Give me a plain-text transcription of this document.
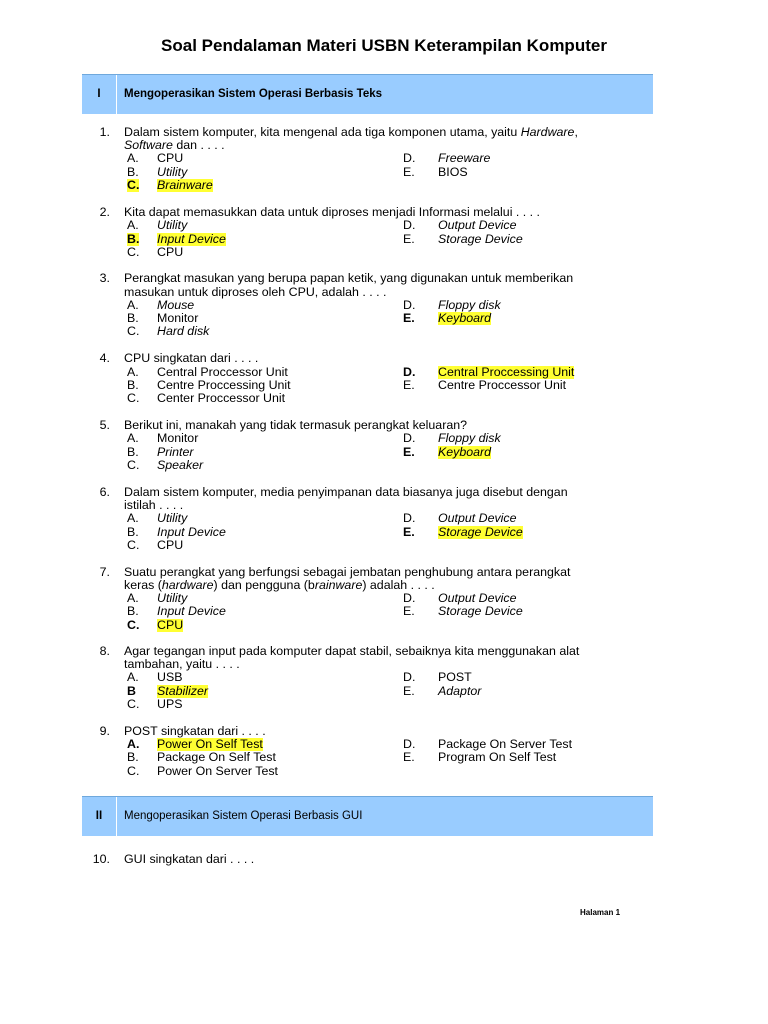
Soal Pendalaman Materi USBN Keterampilan Komputer
I	Mengoperasikan Sistem Operasi Berbasis Teks
1. Dalam sistem komputer, kita mengenal ada tiga komponen utama, yaitu Hardware,
Software dan . . . .
A. CPU	D. Freeware
B. Utility	E. BIOS
C. Brainware
2. Kita dapat memasukkan data untuk diproses menjadi Informasi melalui . . . .
A. Utility	D. Output Device
B. Input Device	E. Storage Device
C. CPU
3. Perangkat masukan yang berupa papan ketik, yang digunakan untuk memberikan
masukan untuk diproses oleh CPU, adalah . . . .
A. Mouse	D. Floppy disk
B. Monitor	E. Keyboard
C. Hard disk
4. CPU singkatan dari . . . .
A. Central Proccessor Unit	D. Central Proccessing Unit
B. Centre Proccessing Unit	E. Centre Proccessor Unit
C. Center Proccessor Unit
5. Berikut ini, manakah yang tidak termasuk perangkat keluaran?
A. Monitor	D. Floppy disk
B. Printer	E. Keyboard
C. Speaker
6. Dalam sistem komputer, media penyimpanan data biasanya juga disebut dengan
istilah . . . .
A. Utility	D. Output Device
B. Input Device	E. Storage Device
C. CPU
7. Suatu perangkat yang berfungsi sebagai jembatan penghubung antara perangkat
keras (hardware) dan pengguna (brainware) adalah . . . .
A. Utility	D. Output Device
B. Input Device	E. Storage Device
C. CPU
8. Agar tegangan input pada komputer dapat stabil, sebaiknya kita menggunakan alat
tambahan, yaitu . . . .
A. USB	D. POST
B Stabilizer	E. Adaptor
C. UPS
9. POST singkatan dari . . . .
A. Power On Self Test	D. Package On Server Test
B. Package On Self Test	E. Program On Self Test
C. Power On Server Test
II	Mengoperasikan Sistem Operasi Berbasis GUI
10. GUI singkatan dari . . . .
Halaman 1
